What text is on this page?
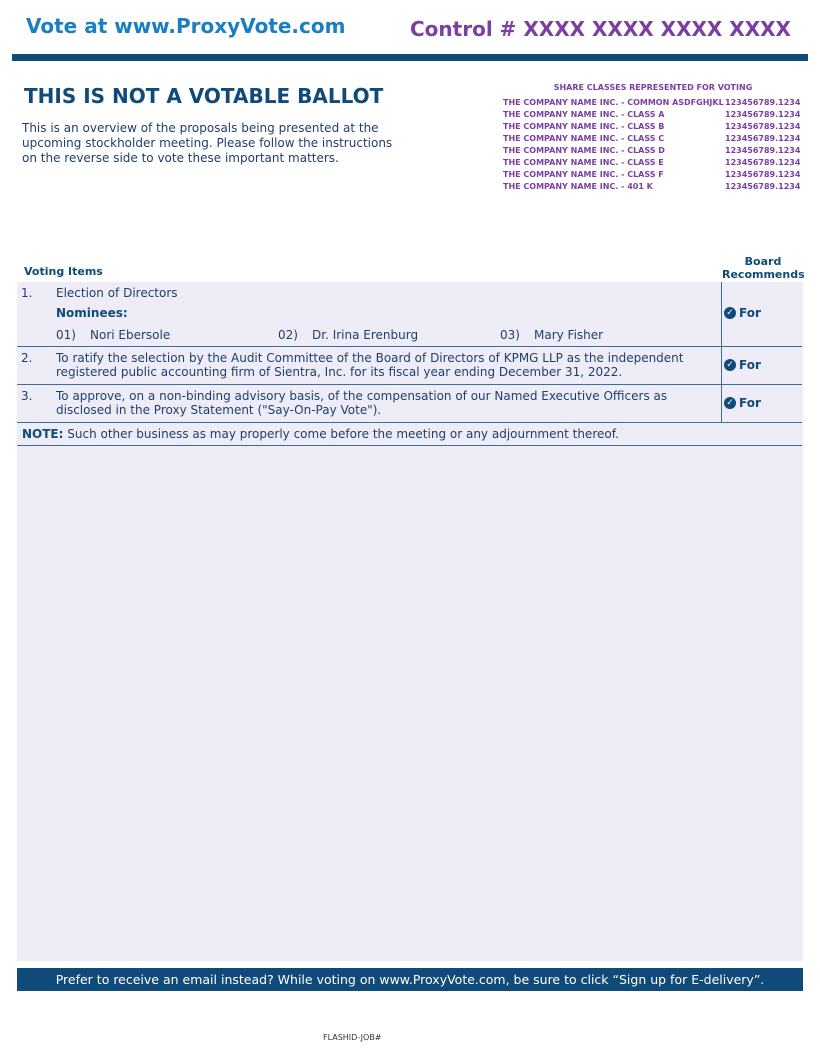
Vote at www.ProxyVote.com	Control # XXXX XXXX XXXX XXXX
THIS IS NOT A VOTABLE BALLOT
This is an overview of the proposals being presented at the upcoming stockholder meeting. Please follow the instructions on the reverse side to vote these important matters.
SHARE CLASSES REPRESENTED FOR VOTING
THE COMPANY NAME INC. - COMMON ASDFGHJKL 123456789.1234
THE COMPANY NAME INC. - CLASS A	123456789.1234
THE COMPANY NAME INC. - CLASS B	123456789.1234
THE COMPANY NAME INC. - CLASS C	123456789.1234
THE COMPANY NAME INC. - CLASS D	123456789.1234
THE COMPANY NAME INC. - CLASS E	123456789.1234
THE COMPANY NAME INC. - CLASS F	123456789.1234
THE COMPANY NAME INC. - 401 K	123456789.1234
Voting Items
Board
Recommends
1. Election of Directors
Nominees:
01) Nori Ebersole	02) Dr. Irina Erenburg	03) Mary Fisher
✓ For
2. To ratify the selection by the Audit Committee of the Board of Directors of KPMG LLP as the independent registered public accounting firm of Sientra, Inc. for its fiscal year ending December 31, 2022.	✓ For
3. To approve, on a non-binding advisory basis, of the compensation of our Named Executive Officers as disclosed in the Proxy Statement ("Say-On-Pay Vote").	✓ For
NOTE: Such other business as may properly come before the meeting or any adjournment thereof.
Prefer to receive an email instead? While voting on www.ProxyVote.com, be sure to click “Sign up for E-delivery”.
FLASHID-JOB#
